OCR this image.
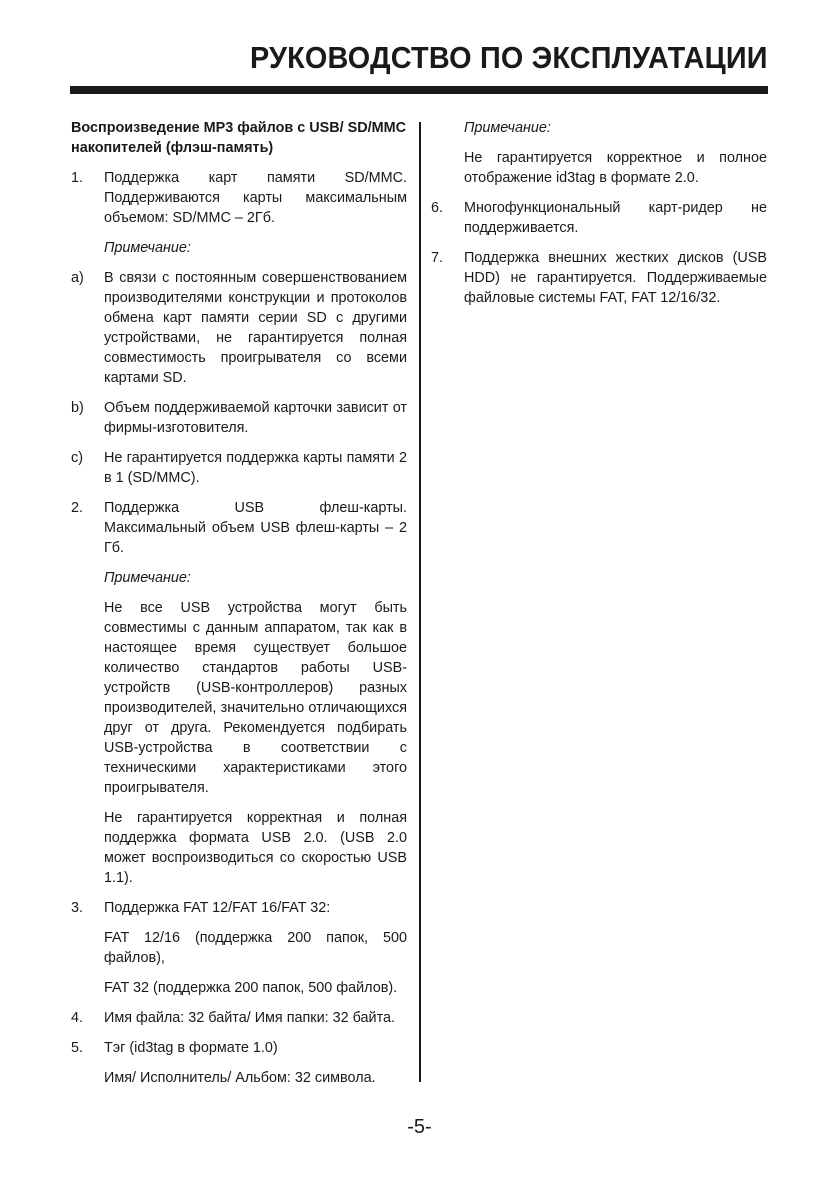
РУКОВОДСТВО ПО ЭКСПЛУАТАЦИИ
Воспроизведение МР3 файлов с USB/ SD/MMC накопителей (флэш-память)
1.	Поддержка карт памяти SD/MMC. Поддерживаются карты максимальным объемом: SD/MMC – 2Гб.
Примечание:
a)	В связи с постоянным совершенствованием производителями конструкции и протоколов обмена карт памяти серии SD с другими устройствами, не гарантируется полная совместимость проигрывателя со всеми картами SD.
b)	Объем поддерживаемой карточки зависит от фирмы-изготовителя.
c)	Не гарантируется поддержка карты памяти 2 в 1 (SD/MMC).
2.	Поддержка USB флеш-карты. Максимальный объем USB флеш-карты – 2 Гб.
Примечание:
Не все USB устройства могут быть совместимы с данным аппаратом, так как в настоящее время существует большое количество стандартов работы USB-устройств (USB-контроллеров) разных производителей, значительно отличающихся друг от друга. Рекомендуется подбирать USB-устройства в соответствии с техническими характеристиками этого проигрывателя.
Не гарантируется корректная и полная поддержка формата USB 2.0. (USB 2.0 может воспроизводиться со скоростью USB 1.1).
3.	Поддержка FAT 12/FAT 16/FAT 32:
FAT 12/16 (поддержка 200 папок, 500 файлов),
FAT 32 (поддержка 200 папок, 500 файлов).
4.	Имя файла: 32 байта/ Имя папки: 32 байта.
5.	Тэг (id3tag в формате 1.0)
Имя/ Исполнитель/ Альбом: 32 символа.
Примечание:
Не гарантируется корректное и полное отображение id3tag в формате 2.0.
6.	Многофункциональный карт-ридер не поддерживается.
7.	Поддержка внешних жестких дисков (USB HDD) не гарантируется. Поддерживаемые файловые системы FAT, FAT 12/16/32.
-5-
